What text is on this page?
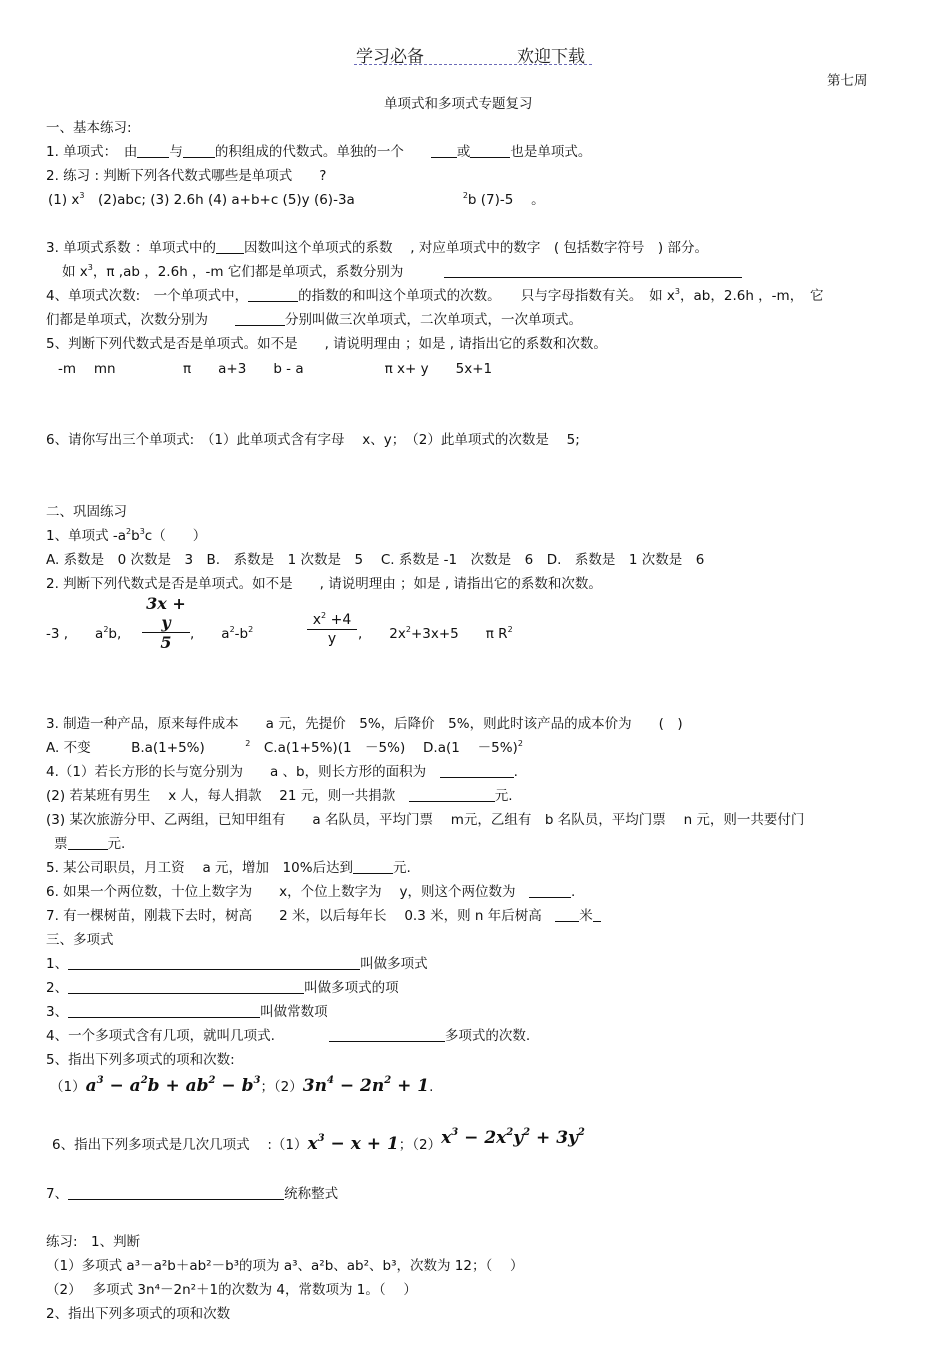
学习必备	欢迎下载
第七周
单项式和多项式专题复习
一、基本练习:
1. 单项式：　由 与 的积组成的代数式。单独的一个　　	或	也是单项式。
2. 练习 : 判断下列各代数式哪些是单项式　　?
(1) $x^3$　 (2)abc; (3) 2.6h (4) a+b+c (5)y (6)-3a　　　　　　　　	$^2$b (7)-5　 。
3. 单项式系数 ：单项式中的 因数叫这个单项式的系数　 , 对应单项式中的数字　( 包括数字符号　) 部分。
如 $x^3$，π ,ab ，2.6h ，-m 它们都是单项式，系数分别为　　　
4、单项式次数:　一个单项式中，	的指数的和叫这个单项式的次数。　　只与字母指数有关。　如 $x^3$，ab，2.6h ，-m，　它
们都是单项式，次数分别为　　	分别叫做三次单项式，二次单项式，一次单项式。
5、判断下列代数式是否是单项式。如不是　　, 请说明理由 ；如是 , 请指出它的系数和次数。
-m　 mn　　　　　π　　a+3　　b - a　　　　　　π x+ y　　5x+1
6、请你写出三个单项式:　（1）此单项式含有字母　 x、y；　（2）此单项式的次数是　 5;
二、巩固练习
1、单项式 $-a^2b^3c$（　　）
A. 系数是　0 次数是　3　B.　系数是　1 次数是　5　 C. 系数是 -1　次数是　6　D.　系数是　1 次数是　6
2. 判断下列代数式是否是单项式。如不是　　, 请说明理由 ；如是 , 请指出它的系数和次数。
-3 ,　　$a^2b$,
3x + y
5	,　　$a^2-b^2$
$x^2 +4$
y	,　　$2x^2+3x+5$　　π $R^2$
3. 制造一种产品，原来每件成本　　a 元，先提价　5%，后降价　5%，则此时该产品的成本价为　　(　)
A. 不变　　　B.a(1+5%)　　　	$^2$　 C.a(1+5%)(1　－5%)　 D.a(1　 －5%)$^2$
4.（1）若长方形的长与宽分别为　　a 、b，则长方形的面积为　	.
(2) 若某班有男生　 x 人，每人捐款　 21 元，则一共捐款　	元.
(3) 某次旅游分甲、乙两组，已知甲组有　　a 名队员，平均门票　 m元，乙组有　b 名队员，平均门票　 n 元，则一共要付门
票	元.
5. 某公司职员，月工资　 a 元，增加　10%后达到	元.
6. 如果一个两位数，十位上数字为　　x，个位上数字为　 y，则这个两位数为　	.
7. 有一棵树苗，刚栽下去时，树高　　2 米，以后每年长　 0.3 米，则 n 年后树高　	米
三、多项式
1、	叫做多项式
2、	叫做多项式的项
3、	叫做常数项
4、一个多项式含有几项，就叫几项式.　　　　	多项式的次数.
5、指出下列多项式的项和次数:
$(1)a^3 - a^2b + ab^2 - b^3$；$(2)3n^4 - 2n^2 + 1$.
6、指出下列多项式是几次几项式　 $:(1)x^3 - x + 1$；$(2)x^3 - 2x^2y^2 + 3y^2$
7、	统称整式
练习:　1、判断
（1）多项式 a³－a²b＋ab²－b³的项为 a³、a²b、ab²、b³，次数为 12；（　 ）
（2）　 多项式 3n⁴－2n²＋1的次数为 4，常数项为 1。（　 ）
2、指出下列多项式的项和次数
